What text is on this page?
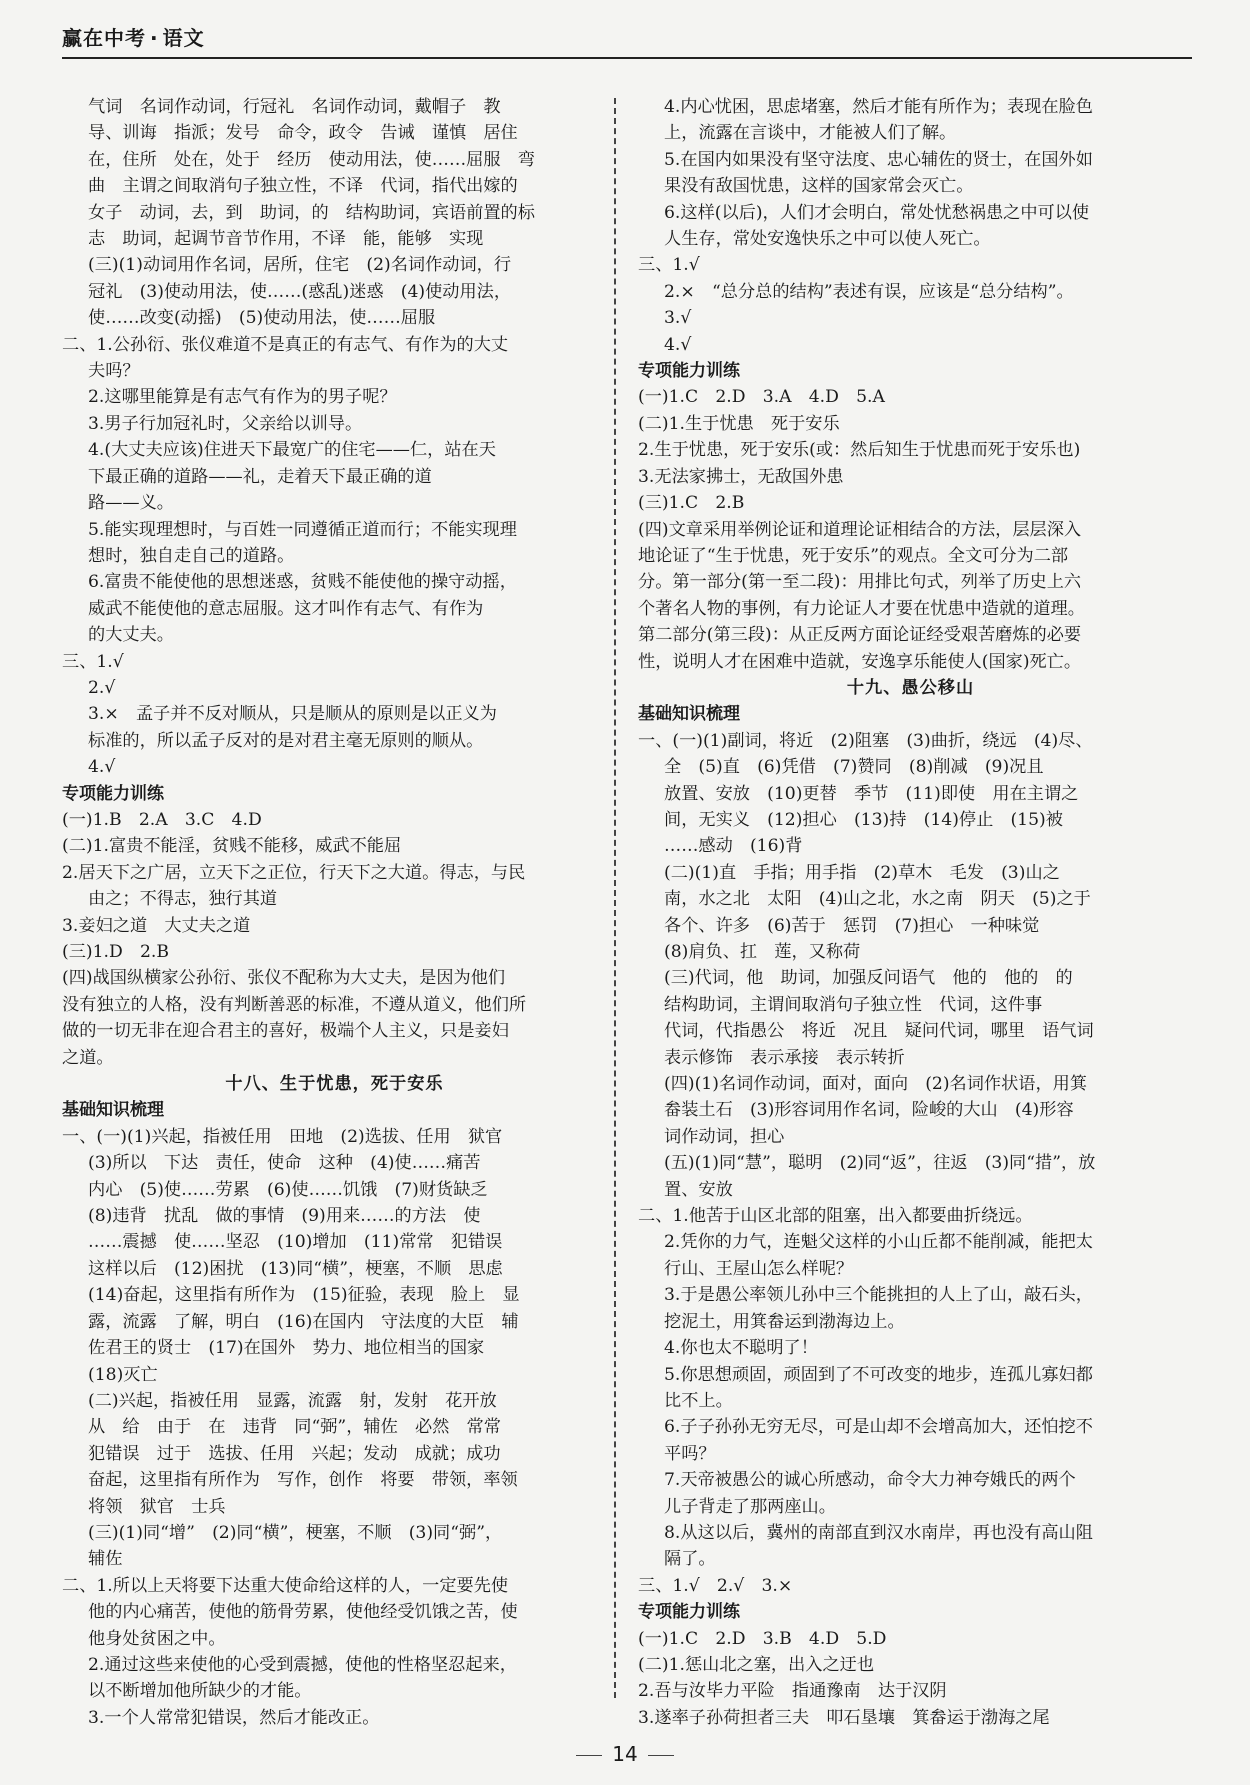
赢在中考 · 语文
气词　名词作动词，行冠礼　名词作动词，戴帽子　教
导、训诲　指派；发号　命令，政令　告诫　谨慎　居住
在，住所　处在，处于　经历　使动用法，使……屈服　弯
曲　主谓之间取消句子独立性，不译　代词，指代出嫁的
女子　动词，去，到　助词，的　结构助词，宾语前置的标
志　助词，起调节音节作用，不译　能，能够　实现
(三)(1)动词用作名词，居所，住宅　(2)名词作动词，行
冠礼　(3)使动用法，使……(惑乱)迷惑　(4)使动用法，
使……改变(动摇)　(5)使动用法，使……屈服
二、1.公孙衍、张仪难道不是真正的有志气、有作为的大丈
夫吗？
2.这哪里能算是有志气有作为的男子呢？
3.男子行加冠礼时，父亲给以训导。
4.(大丈夫应该)住进天下最宽广的住宅——仁，站在天
下最正确的道路——礼，走着天下最正确的道
路——义。
5.能实现理想时，与百姓一同遵循正道而行；不能实现理
想时，独自走自己的道路。
6.富贵不能使他的思想迷惑，贫贱不能使他的操守动摇，
威武不能使他的意志屈服。这才叫作有志气、有作为
的大丈夫。
三、1.√
2.√
3.×　孟子并不反对顺从，只是顺从的原则是以正义为
标准的，所以孟子反对的是对君主毫无原则的顺从。
4.√
专项能力训练
(一)1.B　2.A　3.C　4.D
(二)1.富贵不能淫，贫贱不能移，威武不能屈
2.居天下之广居，立天下之正位，行天下之大道。得志，与民
由之；不得志，独行其道
3.妾妇之道　大丈夫之道
(三)1.D　2.B
(四)战国纵横家公孙衍、张仪不配称为大丈夫，是因为他们
没有独立的人格，没有判断善恶的标准，不遵从道义，他们所
做的一切无非在迎合君主的喜好，极端个人主义，只是妾妇
之道。
十八、生于忧患，死于安乐
基础知识梳理
一、(一)(1)兴起，指被任用　田地　(2)选拔、任用　狱官
(3)所以　下达　责任，使命　这种　(4)使……痛苦
内心　(5)使……劳累　(6)使……饥饿　(7)财货缺乏
(8)违背　扰乱　做的事情　(9)用来……的方法　使
……震撼　使……坚忍　(10)增加　(11)常常　犯错误
这样以后　(12)困扰　(13)同“横”，梗塞，不顺　思虑
(14)奋起，这里指有所作为　(15)征验，表现　脸上　显
露，流露　了解，明白　(16)在国内　守法度的大臣　辅
佐君王的贤士　(17)在国外　势力、地位相当的国家
(18)灭亡
(二)兴起，指被任用　显露，流露　射，发射　花开放
从　给　由于　在　违背　同“弼”，辅佐　必然　常常
犯错误　过于　选拔、任用　兴起；发动　成就；成功
奋起，这里指有所作为　写作，创作　将要　带领，率领
将领　狱官　士兵
(三)(1)同“增”　(2)同“横”，梗塞，不顺　(3)同“弼”，
辅佐
二、1.所以上天将要下达重大使命给这样的人，一定要先使
他的内心痛苦，使他的筋骨劳累，使他经受饥饿之苦，使
他身处贫困之中。
2.通过这些来使他的心受到震撼，使他的性格坚忍起来，
以不断增加他所缺少的才能。
3.一个人常常犯错误，然后才能改正。
4.内心忧困，思虑堵塞，然后才能有所作为；表现在脸色
上，流露在言谈中，才能被人们了解。
5.在国内如果没有坚守法度、忠心辅佐的贤士，在国外如
果没有敌国忧患，这样的国家常会灭亡。
6.这样(以后)，人们才会明白，常处忧愁祸患之中可以使
人生存，常处安逸快乐之中可以使人死亡。
三、1.√
2.×　“总分总的结构”表述有误，应该是“总分结构”。
3.√
4.√
专项能力训练
(一)1.C　2.D　3.A　4.D　5.A
(二)1.生于忧患　死于安乐
2.生于忧患，死于安乐(或：然后知生于忧患而死于安乐也)
3.无法家拂士，无敌国外患
(三)1.C　2.B
(四)文章采用举例论证和道理论证相结合的方法，层层深入
地论证了“生于忧患，死于安乐”的观点。全文可分为二部
分。第一部分(第一至二段)：用排比句式，列举了历史上六
个著名人物的事例，有力论证人才要在忧患中造就的道理。
第二部分(第三段)：从正反两方面论证经受艰苦磨炼的必要
性，说明人才在困难中造就，安逸享乐能使人(国家)死亡。
十九、愚公移山
基础知识梳理
一、(一)(1)副词，将近　(2)阻塞　(3)曲折，绕远　(4)尽、
全　(5)直　(6)凭借　(7)赞同　(8)削减　(9)况且
放置、安放　(10)更替　季节　(11)即使　用在主谓之
间，无实义　(12)担心　(13)持　(14)停止　(15)被
……感动　(16)背
(二)(1)直　手指；用手指　(2)草木　毛发　(3)山之
南，水之北　太阳　(4)山之北，水之南　阴天　(5)之于
各个、许多　(6)苦于　惩罚　(7)担心　一种味觉
(8)肩负、扛　莲，又称荷
(三)代词，他　助词，加强反问语气　他的　他的　的
结构助词，主谓间取消句子独立性　代词，这件事
代词，代指愚公　将近　况且　疑问代词，哪里　语气词
表示修饰　表示承接　表示转折
(四)(1)名词作动词，面对，面向　(2)名词作状语，用箕
畚装土石　(3)形容词用作名词，险峻的大山　(4)形容
词作动词，担心
(五)(1)同“慧”，聪明　(2)同“返”，往返　(3)同“措”，放
置、安放
二、1.他苦于山区北部的阻塞，出入都要曲折绕远。
2.凭你的力气，连魁父这样的小山丘都不能削减，能把太
行山、王屋山怎么样呢？
3.于是愚公率领儿孙中三个能挑担的人上了山，敲石头，
挖泥土，用箕畚运到渤海边上。
4.你也太不聪明了！
5.你思想顽固，顽固到了不可改变的地步，连孤儿寡妇都
比不上。
6.子子孙孙无穷无尽，可是山却不会增高加大，还怕挖不
平吗？
7.天帝被愚公的诚心所感动，命令大力神夸娥氏的两个
儿子背走了那两座山。
8.从这以后，冀州的南部直到汉水南岸，再也没有高山阻
隔了。
三、1.√　2.√　3.×
专项能力训练
(一)1.C　2.D　3.B　4.D　5.D
(二)1.惩山北之塞，出入之迂也
2.吾与汝毕力平险　指通豫南　达于汉阴
3.遂率子孙荷担者三夫　叩石垦壤　箕畚运于渤海之尾
14
